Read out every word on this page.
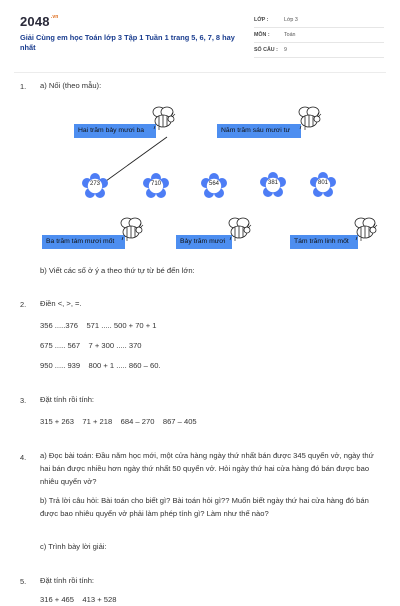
$2048^{.vn}$
Giải Cùng em học Toán lớp 3 Tập 1 Tuần 1 trang 5, 6, 7, 8 hay nhất
LỚP :	Lớp 3
MÔN :	Toán
SỐ CÂU : 9
1. a) Nối (theo mẫu):
Hai trăm bảy mươi ba	Năm trăm sáu mươi tư
273	710	564	381	801
Ba trăm tám mươi mốt	Bảy trăm mươi	Tám trăm linh mốt
b) Viết các số ở ý a theo thứ tự từ bé đến lớn:
2. Điền <, >, =.
356 .....376    571 ..... 500 + 70 + 1
675 ..... 567    7 + 300 ..... 370
950 ..... 939    800 + 1 ..... 860 – 60.
3. Đặt tính rồi tính:
315 + 263    71 + 218    684 – 270    867 – 405
4. a) Đọc bài toán: Đầu năm học mới, một cửa hàng ngày thứ nhất bán được 345 quyển vở, ngày thứ hai bán được nhiều hơn ngày thứ nhất 50 quyển vở. Hỏi ngày thứ hai cửa hàng đó bán được bao nhiêu quyển vở?
b) Trả lời câu hỏi: Bài toán cho biết gì? Bài toán hỏi gì?? Muốn biết ngày thứ hai cửa hàng đó bán được bao nhiêu quyển vở phải làm phép tính gì? Làm như thế nào?
c) Trình bày lời giải:
5. Đặt tính rồi tính:
316 + 465    413 + 528
